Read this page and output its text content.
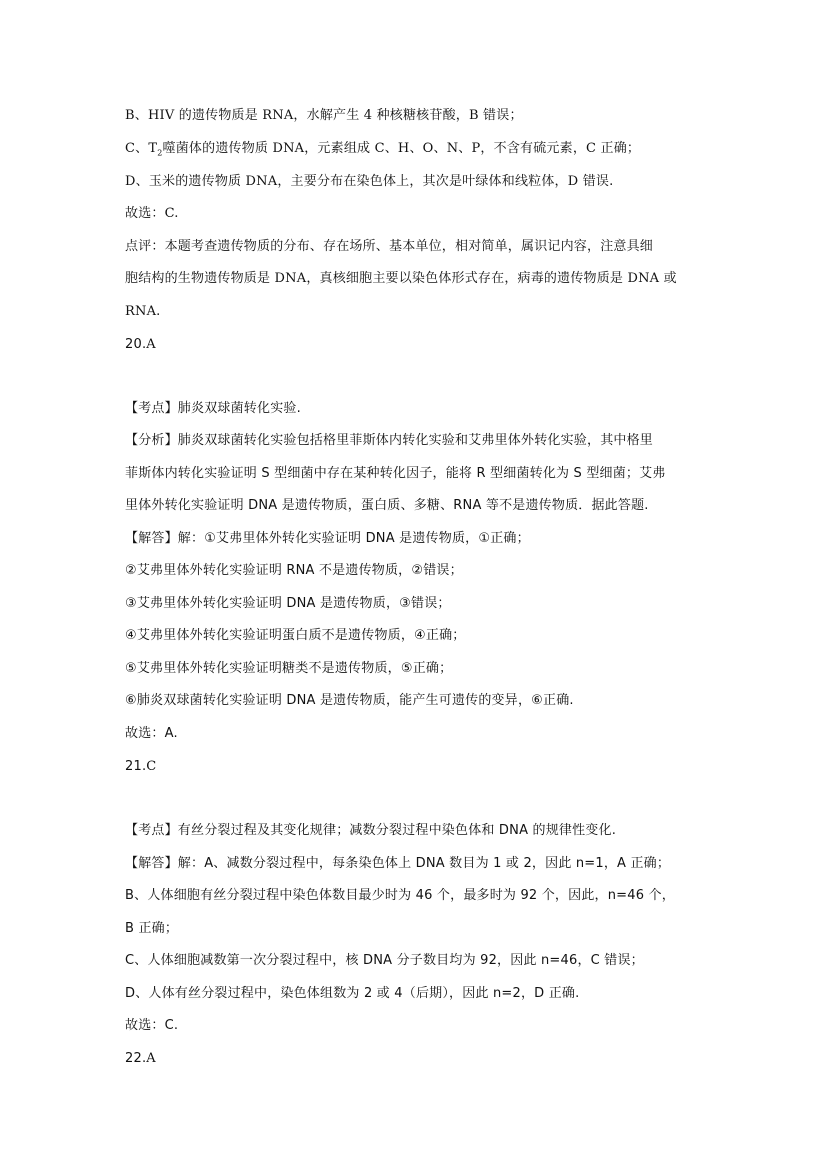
B、HIV 的遗传物质是 RNA，水解产生 4 种核糖核苷酸，B 错误；
C、$T_2$噬菌体的遗传物质 DNA，元素组成 C、H、O、N、P，不含有硫元素，C 正确；
D、玉米的遗传物质 DNA，主要分布在染色体上，其次是叶绿体和线粒体，D 错误.
故选：C.
点评：本题考查遗传物质的分布、存在场所、基本单位，相对简单，属识记内容，注意具细
胞结构的生物遗传物质是 DNA，真核细胞主要以染色体形式存在，病毒的遗传物质是 DNA 或
RNA.
20.A
【考点】肺炎双球菌转化实验.
【分析】肺炎双球菌转化实验包括格里菲斯体内转化实验和艾弗里体外转化实验，其中格里
菲斯体内转化实验证明 S 型细菌中存在某种转化因子，能将 R 型细菌转化为 S 型细菌；艾弗
里体外转化实验证明 DNA 是遗传物质，蛋白质、多糖、RNA 等不是遗传物质．据此答题.
【解答】解：①艾弗里体外转化实验证明 DNA 是遗传物质，①正确；
②艾弗里体外转化实验证明 RNA 不是遗传物质，②错误；
③艾弗里体外转化实验证明 DNA 是遗传物质，③错误；
④艾弗里体外转化实验证明蛋白质不是遗传物质，④正确；
⑤艾弗里体外转化实验证明糖类不是遗传物质，⑤正确；
⑥肺炎双球菌转化实验证明 DNA 是遗传物质，能产生可遗传的变异，⑥正确.
故选：A.
21.C
【考点】有丝分裂过程及其变化规律；减数分裂过程中染色体和 DNA 的规律性变化.
【解答】解：A、减数分裂过程中，每条染色体上 DNA 数目为 1 或 2，因此 n=1，A 正确；
B、人体细胞有丝分裂过程中染色体数目最少时为 46 个，最多时为 92 个，因此，n=46 个，
B 正确；
C、人体细胞减数第一次分裂过程中，核 DNA 分子数目均为 92，因此 n=46，C 错误；
D、人体有丝分裂过程中，染色体组数为 2 或 4（后期），因此 n=2，D 正确.
故选：C.
22.A
